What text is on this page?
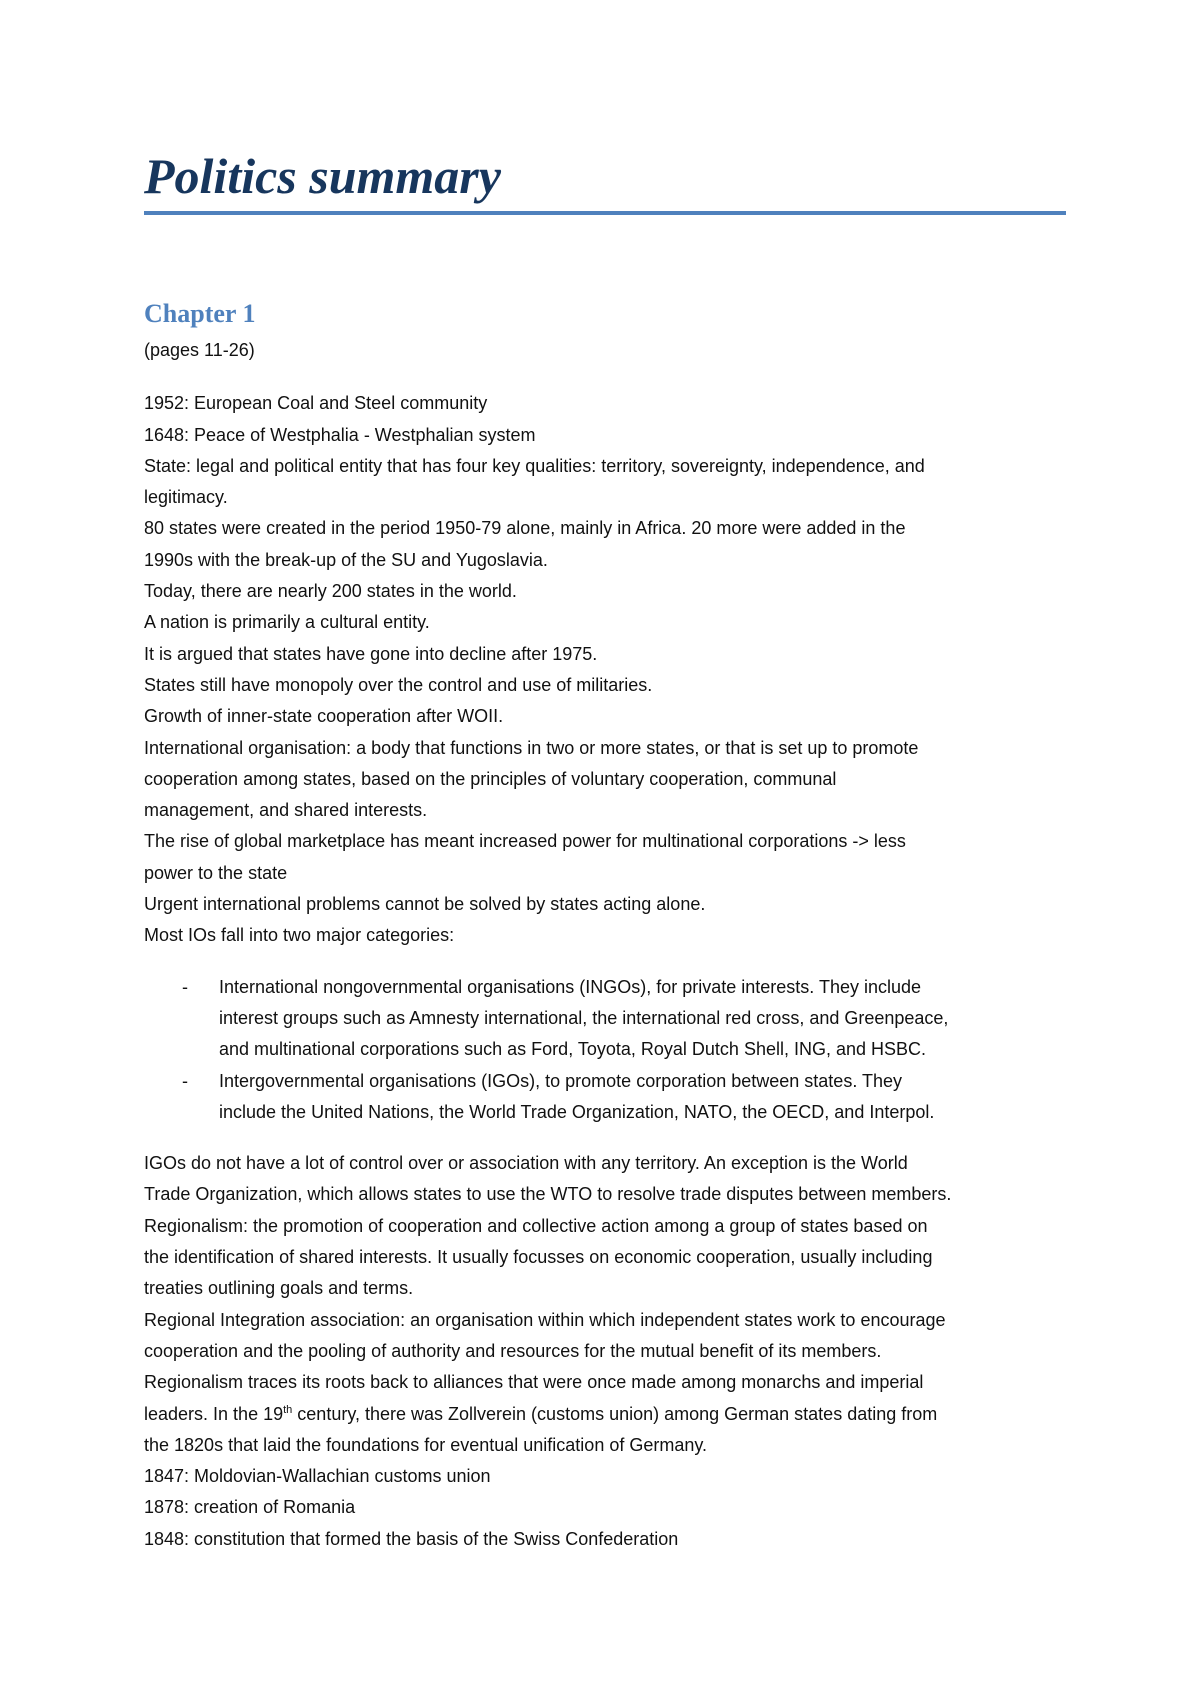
Politics summary
Chapter 1

(pages 11-26)

1952: European Coal and Steel community

1648: Peace of Westphalia - Westphalian system

State: legal and political entity that has four key qualities: territory, sovereignty, independence, and

legitimacy.

80 states were created in the period 1950-79 alone, mainly in Africa. 20 more were added in the

1990s with the break-up of the SU and Yugoslavia.

Today, there are nearly 200 states in the world.

A nation is primarily a cultural entity.

It is argued that states have gone into decline after 1975.

States still have monopoly over the control and use of militaries.

Growth of inner-state cooperation after WOII.

International organisation: a body that functions in two or more states, or that is set up to promote

cooperation among states, based on the principles of voluntary cooperation, communal

management, and shared interests.

The rise of global marketplace has meant increased power for multinational corporations -> less

power to the state

Urgent international problems cannot be solved by states acting alone.

Most IOs fall into two major categories:

- International nongovernmental organisations (INGOs), for private interests. They include

interest groups such as Amnesty international, the international red cross, and Greenpeace,

and multinational corporations such as Ford, Toyota, Royal Dutch Shell, ING, and HSBC.

- Intergovernmental organisations (IGOs), to promote corporation between states. They

include the United Nations, the World Trade Organization, NATO, the OECD, and Interpol.

IGOs do not have a lot of control over or association with any territory. An exception is the World

Trade Organization, which allows states to use the WTO to resolve trade disputes between members.

Regionalism: the promotion of cooperation and collective action among a group of states based on

the identification of shared interests. It usually focusses on economic cooperation, usually including

treaties outlining goals and terms.

Regional Integration association: an organisation within which independent states work to encourage

cooperation and the pooling of authority and resources for the mutual benefit of its members.

Regionalism traces its roots back to alliances that were once made among monarchs and imperial

leaders. In the 19th century, there was Zollverein (customs union) among German states dating from

the 1820s that laid the foundations for eventual unification of Germany.

1847: Moldovian-Wallachian customs union

1878: creation of Romania

1848: constitution that formed the basis of the Swiss Confederation
